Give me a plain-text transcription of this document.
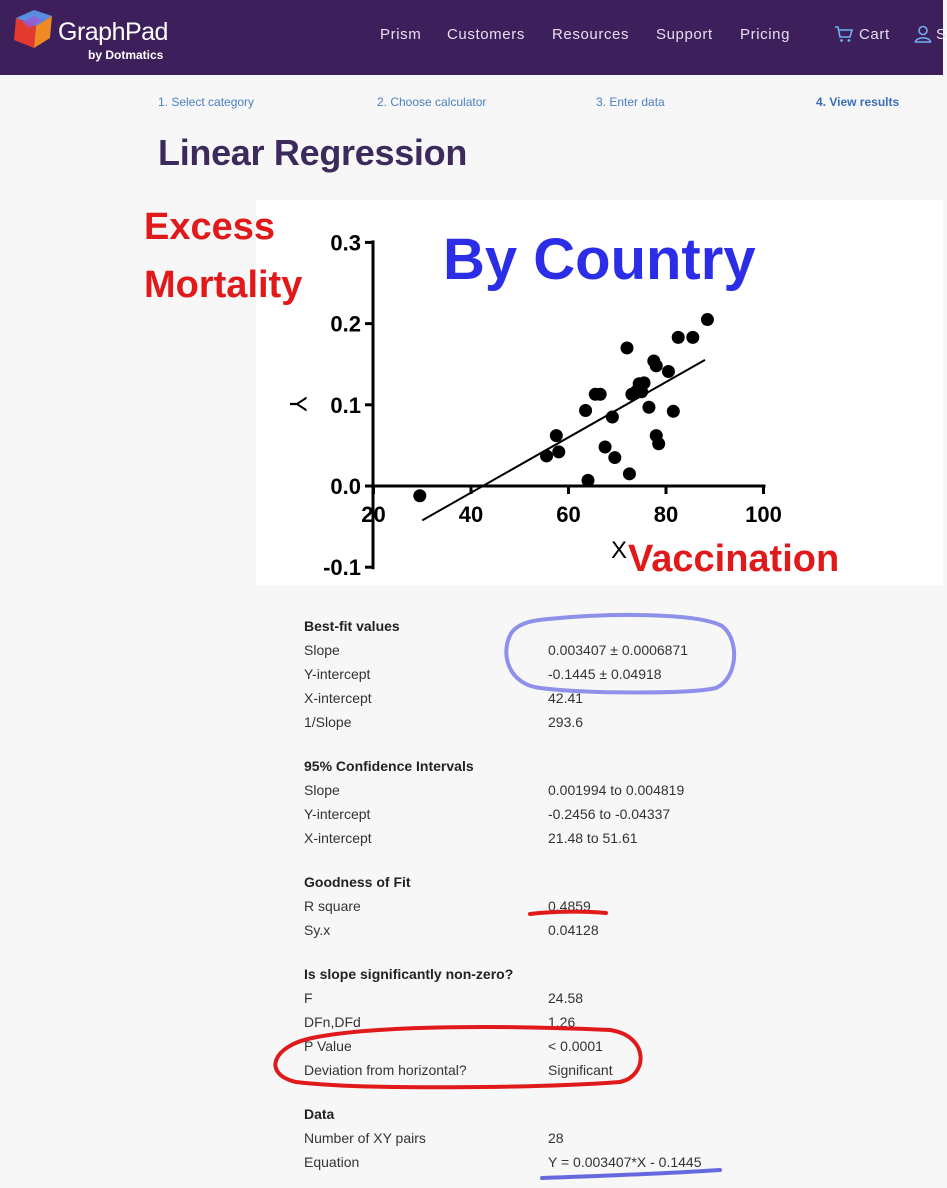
GraphPad
by Dotmatics
Prism Customers Resources Support Pricing	Cart	S
1. Select category	2. Choose calculator	3. Enter data	4. View results
Linear Regression
-0.1
0.0
0.1
0.2
0.3
20	40	60	80	100
Y
X
Excess
Mortality By Country
Vaccination
Best-fit values
Slope	0.003407 ± 0.0006871
Y-intercept	-0.1445 ± 0.04918
X-intercept	42.41
1/Slope	293.6
95% Confidence Intervals
Slope	0.001994 to 0.004819
Y-intercept	-0.2456 to -0.04337
X-intercept	21.48 to 51.61
Goodness of Fit
R square	0.4859
Sy.x	0.04128
Is slope significantly non-zero?
F	24.58
DFn,DFd	1,26
P Value	< 0.0001
Deviation from horizontal?	Significant
Data
Number of XY pairs	28
Equation	Y = 0.003407*X - 0.1445
